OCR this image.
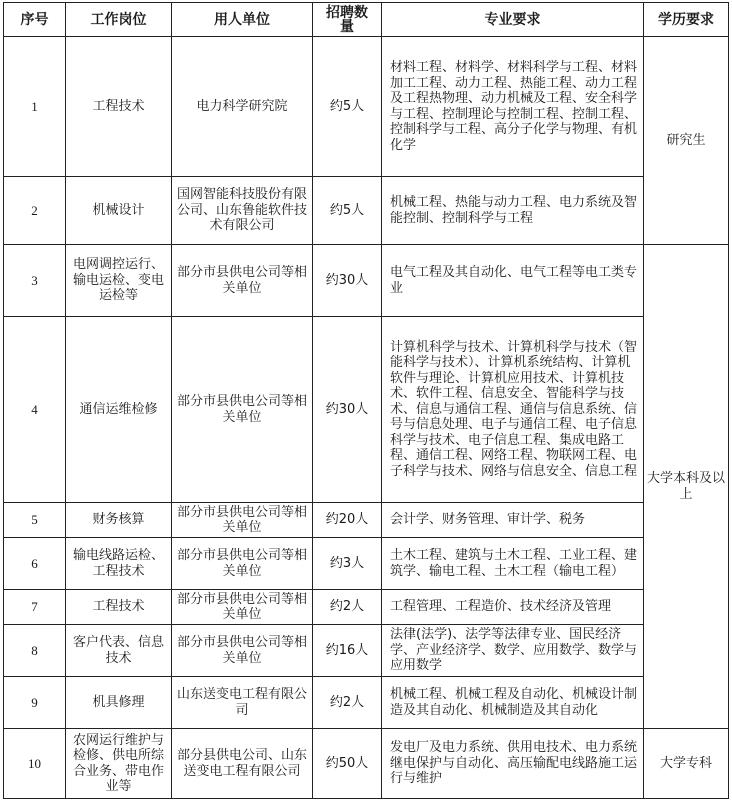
序号	工作岗位	用人单位	招聘数量	专业要求	学历要求
1	工程技术	电力科学研究院	约5人	材料工程、材料学、材料科学与工程、材料加工工程、动力工程、热能工程、动力工程及工程热物理、动力机械及工程、安全科学与工程、控制理论与控制工程、控制工程、控制科学与工程、高分子化学与物理、有机化学	研究生
2	机械设计	国网智能科技股份有限公司、山东鲁能软件技术有限公司	约5人	机械工程、热能与动力工程、电力系统及智能控制、控制科学与工程	
3	电网调控运行、输电运检、变电运检等	部分市县供电公司等相关单位	约30人	电气工程及其自动化、电气工程等电工类专业	大学本科及以上
4	通信运维检修	部分市县供电公司等相关单位	约30人	计算机科学与技术、计算机科学与技术（智能科学与技术）、计算机系统结构、计算机软件与理论、计算机应用技术、计算机技术、软件工程、信息安全、智能科学与技术、信息与通信工程、通信与信息系统、信号与信息处理、电子与通信工程、电子信息科学与技术、电子信息工程、集成电路工程、通信工程、网络工程、物联网工程、电子科学与技术、网络与信息安全、信息工程	
5	财务核算	部分市县供电公司等相关单位	约20人	会计学、财务管理、审计学、税务	
6	输电线路运检、工程技术	部分市县供电公司等相关单位	约3人	土木工程、建筑与土木工程、工业工程、建筑学、输电工程、土木工程（输电工程）	
7	工程技术	部分市县供电公司等相关单位	约2人	工程管理、工程造价、技术经济及管理	
8	客户代表、信息技术	部分市县供电公司等相关单位	约16人	法律(法学)、法学等法律专业、国民经济学、产业经济学、数学、应用数学、数学与应用数学	
9	机具修理	山东送变电工程有限公司	约2人	机械工程、机械工程及自动化、机械设计制造及其自动化、机械制造及其自动化	
10	农网运行维护与检修、供电所综合业务、带电作业等	部分县供电公司、山东送变电工程有限公司	约50人	发电厂及电力系统、供用电技术、电力系统继电保护与自动化、高压输配电线路施工运行与维护	大学专科
